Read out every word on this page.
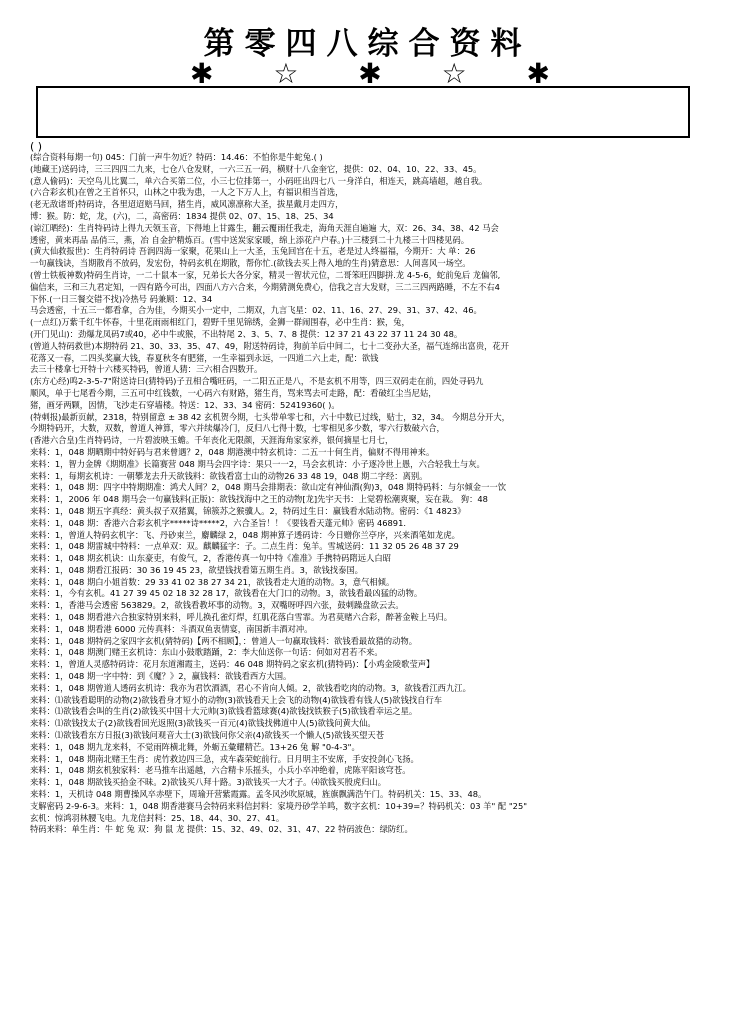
第零四八综合资料
✱ ☆ ✱ ☆ ✱
( )

(综合资料每期一句) 045：门前一声牛勿近？特码：14.46：不怕你是牛蛇兔.( )

(地藏王)送码诗，三三四四二九来，七仓八仓发财，一六三五一码，横财十八金奎它，提供：02、04、10、22、33、45。

(意人偷码)：天空鸟儿比翼二，单六合买第二位，小三七位排第一，小码旺出四七八 一身洋白，相连天，跳高墙超，越自我。

(六合彩玄机)在曾之王首怀只，山林之中我为患，一人之下万人上，有福识相当首选，

(老无敌诸哥)特码诗，各里迢迢赔马回，猪生肖，威风凛凛称大圣，拔星戴月走四方，

博：猴。防：蛇，龙，(六)，二，高密码：1834 提供 02、07、15、18、25、34

(谅江晒经)：生肖特码诗上得九天领玉音，下得地上甘露生，翻云覆雨任我走，海角天涯自遍遍 大，双：26、34、38、42 马会

透密，黄来再品 品俏三，燕，冶 自金护精炼百。(雪中送炭家家暖，绵上添花户户春。)十三楼到二十九楼三十四楼见码。

(黄大仙救报世)：生肖特码诗 吾润四海一家聚，花果山上一大圣，玉兔回宫在十五，老是过人终福福，今期开：大 单：26

一句赢钱诀，当期散肖不放码，发宏份，特码玄机在期散，帮你忙.(欲钱去买上得入地的生肖)猜意思：人间喜风一场空。

(曾士铁板神数)特码生肖诗，一二十鼠本一家，兄弟长大各分家，精灵一智状元位，二哥笨旺四脚拼.龙 4-5-6，蛇前兔后 龙偏邻,

偏信来，三和三九君定知，一四有路今可出，四面八方六合来，今期猜测免费心，信我之言大发财，三二三四两路睡，不左不右4

下怀.(一日三餐交错不找)冷热号 码兼顾：12、34

马会透密，十五三一都看拿，合为佳，今期买小一定中，二期双，九言飞星：02、11、16、27、29、31、37、42、46。

(一点红)万紫千红牛怀春，十里花雨雨相红门，碧野千里见锦绣，金狮一群闹围春，必中生肖：猴，兔，

(开门见山)：劲爆龙凤码7或40，必中牛或猴，不出特尾 2、3、5、7、8 提供：12 37 21 43 22 37 11 24 30 48。

(曾道人特码救世)本期特码 21、30、33、35、47、49，附送特码诗，狗前羊后中间二，七十二变孙大圣，福气连绵出富贵，花开

花落又一春，二四头奖赢大钱，春夏秋冬有肥猪，一生幸福到永远，一四道二六上走，配：欲钱

去三十楼拿七开特十六楼买特码，曾道人猜：三六相合四数开。

(东方心经)鸣2-3-5-7"附送诗曰(猜特码)子丑相合嘴旺码，一二阳五正是八，不是玄机不用等，四三双码走在前，四处寻码九

顺风，单于七尾看今期，三五可中红钱数，一心码六有财路，猪生肖，骂来骂去可走路，配：看破红尘当尼姑，

猪，画牙两颗，因情，飞沙走石穿墙楼。特送：12、33、34 密码：52419360( )。

(特刺报)最新页献，2318，特别留意 ± 38 42 玄机贺今期，七头带单零七和，六十中数已过线，贴士，32，34。 今期总分开大，

今期特码开，大数，双数，曾道人神算，零六并续爆冷门，反归八七得十数，七零相见多少数，零六行数破六合，

(香港六合皇)生肖特码诗，一片碧波映玉蟾。千年丧化无限颜，天涯海角家家养，银何摘星七月七，

来料：1，048 期晒期中特好码与君来曾遇？2，048 期港澳中特玄机诗：二五一十何生肖，偏财不得用神来。

来料：1，智力金牌《期期准》长篇赛营 048 期马会四字诗：果只一一2，马会玄机诗：小子逐冷世上愚，六合轻我土与灰。

来料：1，每期玄机诗：一朝攀龙去升天欲钱料：欲钱看富士山的动物26 33 48 19，048 期二字经：离别。

来料：1，048 期：四字中特期期准：鸿犬人间？2，048 期马会排期表：欲山定有神仙酒(狗)3，048 期特码料：与尔倾金一一饮

来料：1，2006 年 048 期马会一句赢钱料(正版)：欲钱找海中之王的动物[龙]先宇天书：上觉碧松潮爽聚，妄在栽。 狗：48

来料：1，048 期五字真经：黄头叔子双猪翼，锦簇苏之猴骥人。2，特码过生日：赢钱看水陆动物。密码：《1 4823》

来料：1，048 期：香港六合彩玄机字*****诗*****2，六合圣旨！！《要钱看天蓬元帅》密码 46891.

来料：1，曾道人特码玄机字：飞、丹砂束兰，麝麟绿 2，048 期神算子透码诗：今日赠你兰亭序，兴来酒笔如龙虎。

来料：1，048 期雷城中特料：一点单双：双。麒麟猛字：子。二点生肖：兔羊。雪城送码：11 32 05 26 48 37 29

来料：1，048 期玄机诀：山东豪吏，有俊气，2，香港传真一句中特《准准》手携特码隋远人白昭

来料：1，048 期看江报码：30 36 19 45 23，欲望钱找看第五期生肖。3，欲钱找泰国。

来料：1，048 期白小姐首数：29 33 41 02 38 27 34 21，欲钱看走大道的动物。3，意气相倾。

来料：1，今有玄机。41 27 39 45 02 18 32 28 17，欲钱看在大门口的动物。3，欲钱看最凶猛的动物。

来料：1，香港马会透密 563829。2，欲钱看教坏事的动物。3，双嘴呀呼四六张，鼓刺躁盘欲云去。

来料：1，048 期看港六合独家特别来料，呼儿换孔雀灯焊，红肌花落白雪霏。为君莫赌六合彩，醉著金鞍上马归。

来料：1，048 期看港 6000 元传真料：斗酒双鱼衷情宴，南国新丰酒对冲。

来料：1，048 期特码之家四字玄机(猜特码)【两不相顾】，：曾道人一句赢取钱料：欲钱看最故猎的动物。

来料：1，048 期澳门赌王玄机诗：东山小鼓歌踏踊，2：李大仙送你一句话：何如对君若不来。

来料：1，曾道人灵感特码诗：花月东道湘霞主，送码：46 048 期特码之家玄机(猜特码)：【小鸡金陵歌莹声】

来料：1，048 期一字中特：到《魔？》2，赢钱料：欲钱看西方大国。

来料：1，048 期曾道人透码玄机诗：我亦为君饮酒酒，君心不肯向人倾。2，欲钱看吃肉的动物。3，欲钱看江西九江。

来料：⑴欲钱看聪明的动物(2)欲钱看身才短小的动物(3)欲钱看天上会飞的动物(4)欲钱看有钱人(5)欲钱找自行车

来料：⑴欲钱看会叫的生肖(2)欲钱买中国十大元帅(3)欲钱看篮球赛(4)欲钱找铁猴子(5)欲钱看幸运之星。

来料：⑴欲钱找太子(2)欲钱看回光返照(3)欲钱买一百元(4)欲钱找佛道中人(5)欲钱问黄大仙。

来料：⑴欲钱看东方日报(3)欲钱问观音大士(3)欲钱问你父亲(4)欲钱买一个懒人(5)欲钱买望天苍

来料：1，048 期九龙来料，不觉雨阵横北舞，外蛎五彙耀精芒。13+26 兔 解 "0-4-3"。

来料：1，048 期南北赌王生肖：虎竹救边四三急，戎车森荣蛇前行。日月明主不安席，手安投剑心飞扬。

来料：1，048 期玄机独家料：老马推车出遥越，六合精卡乐摇头，小兵小卒冲绝着，虎陈平阳该穹苍。

来料：1，048 期欲钱买拾金不昧。2)欲钱买八拜十路。3)欲钱买一大才子。⑷欲钱买殷虎归山。

来料：1，天机诗 048 期曹操风卒赤壁下，周瑜开营紫霞露。孟冬风沙吹原城，旌旗飘满浩午门。特码机关：15、33、48。

支解密码 2-9-6-3。来料：1，048 期香港赛马会特码来料信封料：家境丹砂学羊鸣，数字玄机：10+39=？特码机关：03 羊" 配 "25"

玄机：惊鸿羽林腰飞电。九龙信封料：25、18、44、30、27、41。

特码来料：单生肖：牛 蛇 兔 双：狗 鼠 龙 提供：15、32、49、02、31、47、22 特码波色：绿防红。
